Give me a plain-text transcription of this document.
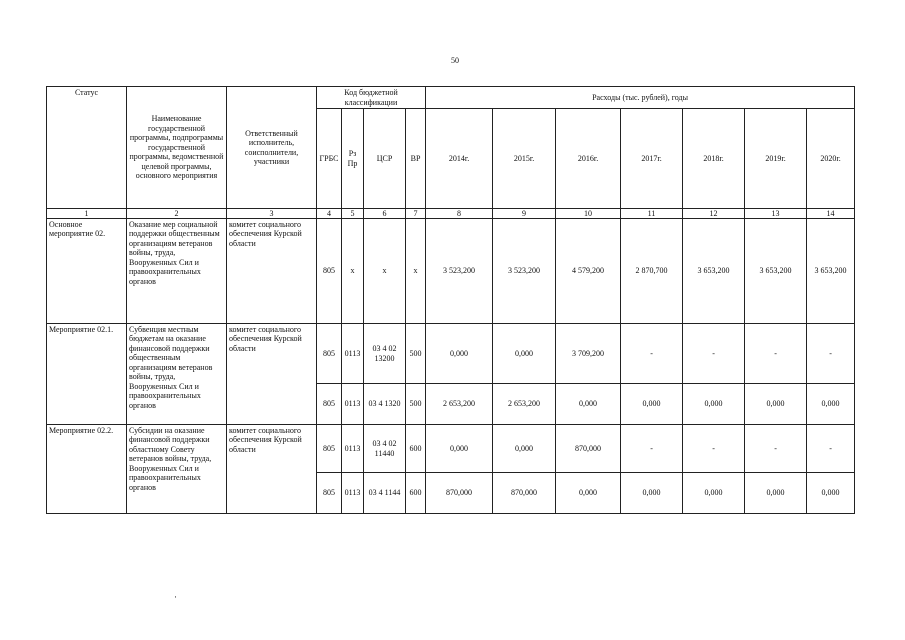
50
Статус	Наименование государственной программы, подпрограммы государственной программы, ведомственной целевой программы, основного мероприятия	Ответственный исполнитель, соисполнители, участники	Код бюджетной классификации				Расходы (тыс. рублей), годы						
			ГРБС	Рз Пр	ЦСР	ВР	2014г.	2015г.	2016г.	2017г.	2018г.	2019г.	2020г.
1	2	3	4	5	6	7	8	9	10	11	12	13	14
Основное мероприятие 02.	Оказание мер социальной поддержки общественным организациям ветеранов войны, труда, Вооруженных Сил и правоохранительных органов	комитет социального обеспечения Курской области	805	x	x	x	3 523,200	3 523,200	4 579,200	2 870,700	3 653,200	3 653,200	3 653,200
Мероприятие 02.1.	Субвенция местным бюджетам на оказание финансовой поддержки общественным организациям ветеранов войны, труда, Вооруженных Сил и правоохранительных органов	комитет социального обеспечения Курской области	805	0113	03 4 02 13200	500	0,000	0,000	3 709,200	-	-	-	-
			805	0113	03 4 1320	500	2 653,200	2 653,200	0,000	0,000	0,000	0,000	0,000
Мероприятие 02.2.	Субсидии на оказание финансовой поддержки областному Совету ветеранов войны, труда, Вооруженных Сил и правоохранительных органов	комитет социального обеспечения Курской области	805	0113	03 4 02 11440	600	0,000	0,000	870,000	-	-	-	-
			805	0113	03 4 1144	600	870,000	870,000	0,000	0,000	0,000	0,000	0,000
·
